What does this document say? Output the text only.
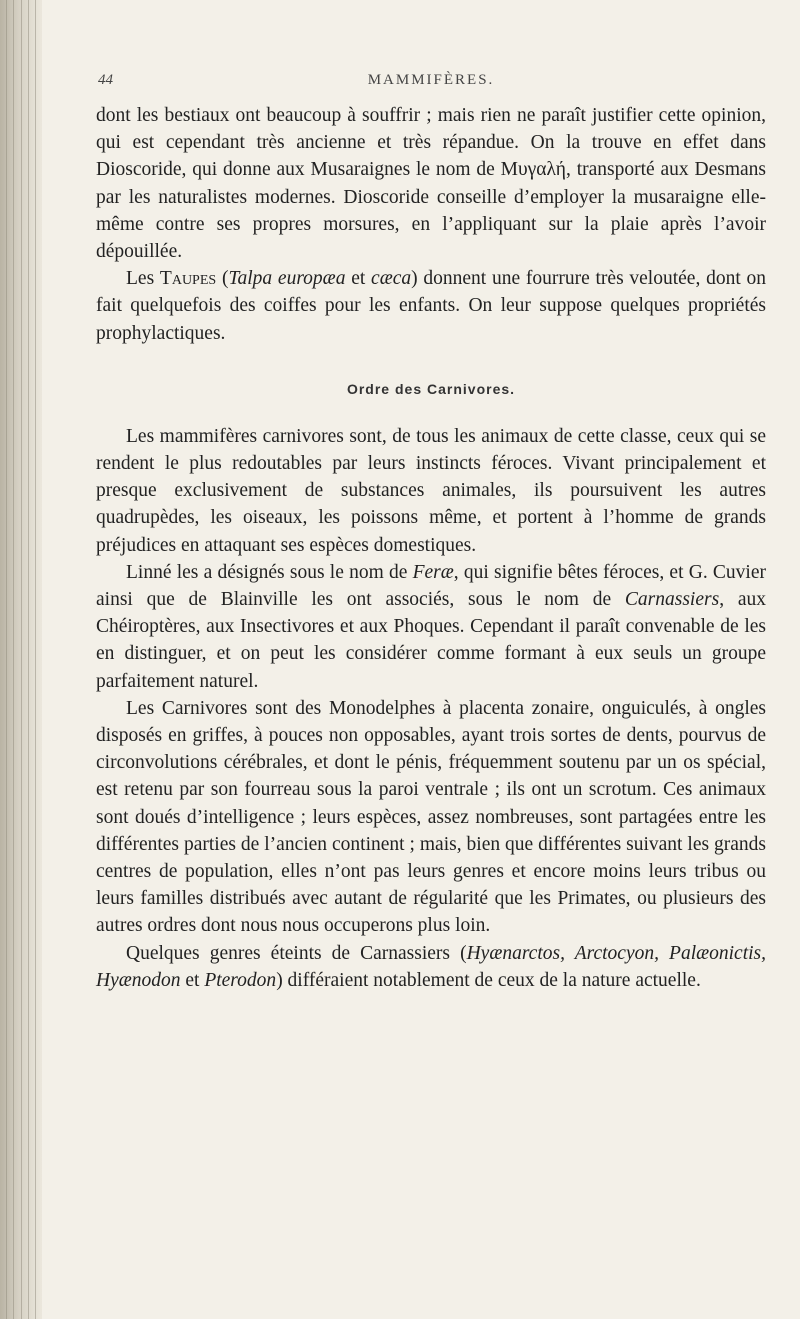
44	MAMMIFÈRES.

dont les bestiaux ont beaucoup à souffrir ; mais rien ne paraît justifier cette opinion, qui est cependant très ancienne et très répandue. On la trouve en effet dans Dioscoride, qui donne aux Musaraignes le nom de Μυγαλή, transporté aux Desmans par les naturalistes modernes. Dioscoride conseille d’employer la musaraigne elle-même contre ses propres morsures, en l’appliquant sur la plaie après l’avoir dépouillée.

Les Taupes (Talpa europæa et cæca) donnent une fourrure très veloutée, dont on fait quelquefois des coiffes pour les enfants. On leur suppose quelques propriétés prophylactiques.

Ordre des Carnivores.

Les mammifères carnivores sont, de tous les animaux de cette classe, ceux qui se rendent le plus redoutables par leurs instincts féroces. Vivant principalement et presque exclusivement de substances animales, ils poursuivent les autres quadrupèdes, les oiseaux, les poissons même, et portent à l’homme de grands préjudices en attaquant ses espèces domestiques.

Linné les a désignés sous le nom de Feræ, qui signifie bêtes féroces, et G. Cuvier ainsi que de Blainville les ont associés, sous le nom de Carnassiers, aux Chéiroptères, aux Insectivores et aux Phoques. Cependant il paraît convenable de les en distinguer, et on peut les considérer comme formant à eux seuls un groupe parfaitement naturel.

Les Carnivores sont des Monodelphes à placenta zonaire, onguiculés, à ongles disposés en griffes, à pouces non opposables, ayant trois sortes de dents, pourvus de circonvolutions cérébrales, et dont le pénis, fréquemment soutenu par un os spécial, est retenu par son fourreau sous la paroi ventrale ; ils ont un scrotum. Ces animaux sont doués d’intelligence ; leurs espèces, assez nombreuses, sont partagées entre les différentes parties de l’ancien continent ; mais, bien que différentes suivant les grands centres de population, elles n’ont pas leurs genres et encore moins leurs tribus ou leurs familles distribués avec autant de régularité que les Primates, ou plusieurs des autres ordres dont nous nous occuperons plus loin.

Quelques genres éteints de Carnassiers (Hyænarctos, Arctocyon, Palæonictis, Hyænodon et Pterodon) différaient notablement de ceux de la nature actuelle.
